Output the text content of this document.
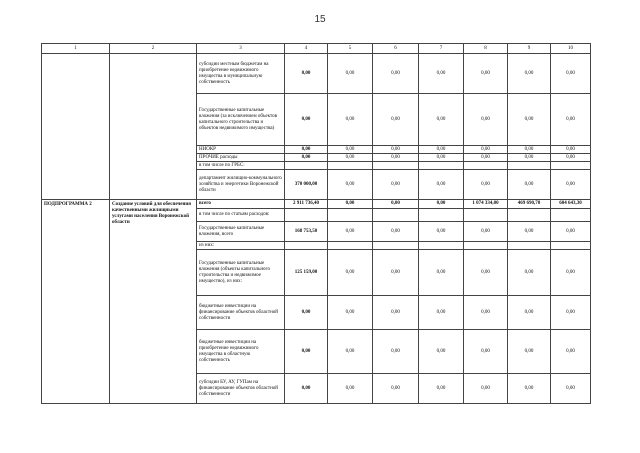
15
1	2	3	4	5	6	7	8	9	10
		субсидии местным бюджетам на приобретение недвижимого имущества в муниципальную собственность	0,00	0,00	0,00	0,00	0,00	0,00	0,00
		Государственные капитальные вложения (за исключением объектов капитального строительства и объектов недвижимого имущества)	0,00	0,00	0,00	0,00	0,00	0,00	0,00
		НИОКР	0,00	0,00	0,00	0,00	0,00	0,00	0,00
		ПРОЧИЕ расходы	0,00	0,00	0,00	0,00	0,00	0,00	0,00
		в том числе по ГРБС:							
		департамент жилищно-коммунального хозяйства и энергетики Воронежской области	370 000,00	0,00	0,00	0,00	0,00	0,00	0,00
ПОДПРОГРАММА 2	Создание условий для обеспечения качественными жилищными услугами населения Воронежской области	всего	2 911 736,40	0,00	0,00	0,00	1 074 334,00	469 690,70	604 643,30
		в том числе по статьям расходов:							
		Государственные капитальные вложения, всего	168 753,50	0,00	0,00	0,00	0,00	0,00	0,00
		из них:							
		Государственные капитальные вложения (объекты капитального строительства и недвижимое имущество), из них:	125 159,00	0,00	0,00	0,00	0,00	0,00	0,00
		бюджетные инвестиции на финансирование объектов областной собственности	0,00	0,00	0,00	0,00	0,00	0,00	0,00
		бюджетные инвестиции на приобретение недвижимого имущества в областную собственность	0,00	0,00	0,00	0,00	0,00	0,00	0,00
		субсидии БУ, АУ, ГУПам на финансирование объектов областной собственности	0,00	0,00	0,00	0,00	0,00	0,00	0,00
